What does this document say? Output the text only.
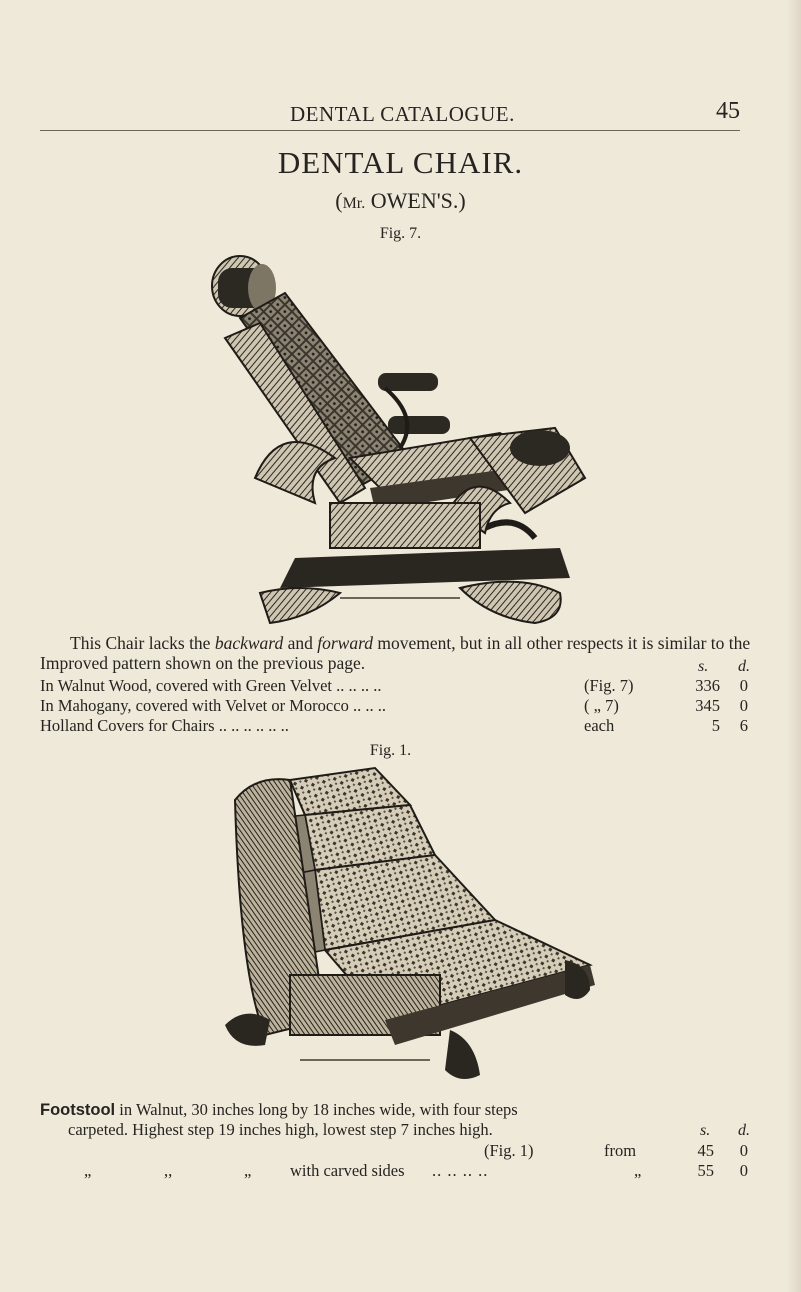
DENTAL CATALOGUE.	45
DENTAL CHAIR.
(Mr. OWEN'S.)
Fig. 7.
This Chair lacks the backward and forward movement, but in all other respects it is similar to the Improved pattern shown on the previous page.	s. d.
In Walnut Wood, covered with Green Velvet .. .. .. ..	(Fig. 7)	336	0
In Mahogany, covered with Velvet or Morocco .. .. ..	( „ 7)	345	0
Holland Covers for Chairs .. .. .. .. .. ..	each	5	6
Fig. 1.
Footstool in Walnut, 30 inches long by 18 inches wide, with four steps
carpeted. Highest step 19 inches high, lowest step 7 inches high.	s. d.
(Fig. 1)	from	45	0
„	,,	„ with carved sides .. .. .. ..	„	55	0
